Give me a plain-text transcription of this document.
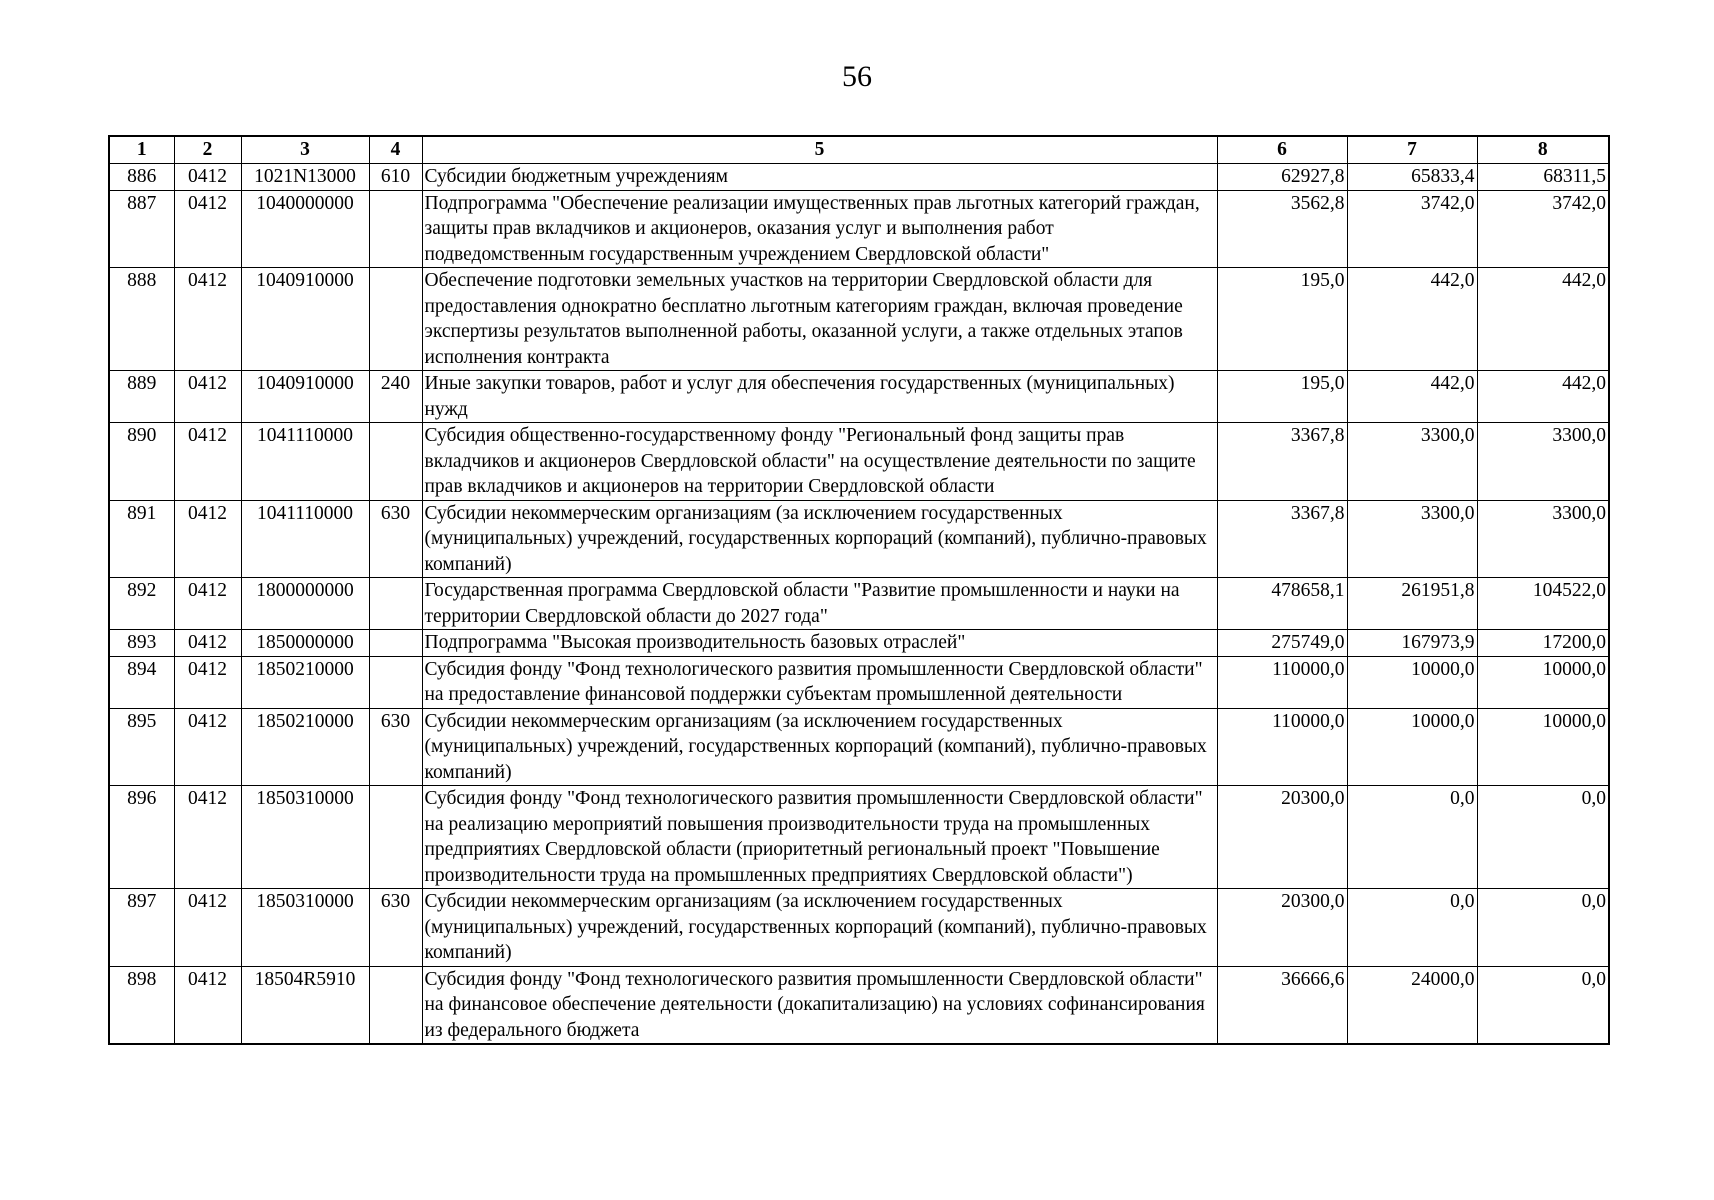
56
1	2	3	4	5	6	7	8
886	0412	1021N13000	610	Субсидии бюджетным учреждениям	62927,8	65833,4	68311,5
887	0412	1040000000		Подпрограмма "Обеспечение реализации имущественных прав льготных категорий граждан, защиты прав вкладчиков и акционеров, оказания услуг и выполнения работ подведомственным государственным учреждением Свердловской области"	3562,8	3742,0	3742,0
888	0412	1040910000		Обеспечение подготовки земельных участков на территории Свердловской области для предоставления однократно бесплатно льготным категориям граждан, включая проведение экспертизы результатов выполненной работы, оказанной услуги, а также отдельных этапов исполнения контракта	195,0	442,0	442,0
889	0412	1040910000	240	Иные закупки товаров, работ и услуг для обеспечения государственных (муниципальных) нужд	195,0	442,0	442,0
890	0412	1041110000		Субсидия общественно-государственному фонду "Региональный фонд защиты прав вкладчиков и акционеров Свердловской области" на осуществление деятельности по защите прав вкладчиков и акционеров на территории Свердловской области	3367,8	3300,0	3300,0
891	0412	1041110000	630	Субсидии некоммерческим организациям (за исключением государственных (муниципальных) учреждений, государственных корпораций (компаний), публично-правовых компаний)	3367,8	3300,0	3300,0
892	0412	1800000000		Государственная программа Свердловской области "Развитие промышленности и науки на территории Свердловской области до 2027 года"	478658,1	261951,8	104522,0
893	0412	1850000000		Подпрограмма "Высокая производительность базовых отраслей"	275749,0	167973,9	17200,0
894	0412	1850210000		Субсидия фонду "Фонд технологического развития промышленности Свердловской области" на предоставление финансовой поддержки субъектам промышленной деятельности	110000,0	10000,0	10000,0
895	0412	1850210000	630	Субсидии некоммерческим организациям (за исключением государственных (муниципальных) учреждений, государственных корпораций (компаний), публично-правовых компаний)	110000,0	10000,0	10000,0
896	0412	1850310000		Субсидия фонду "Фонд технологического развития промышленности Свердловской области" на реализацию мероприятий повышения производительности труда на промышленных предприятиях Свердловской области (приоритетный региональный проект "Повышение производительности труда на промышленных предприятиях Свердловской области")	20300,0	0,0	0,0
897	0412	1850310000	630	Субсидии некоммерческим организациям (за исключением государственных (муниципальных) учреждений, государственных корпораций (компаний), публично-правовых компаний)	20300,0	0,0	0,0
898	0412	18504R5910		Субсидия фонду "Фонд технологического развития промышленности Свердловской области" на финансовое обеспечение деятельности (докапитализацию) на условиях софинансирования из федерального бюджета	36666,6	24000,0	0,0
